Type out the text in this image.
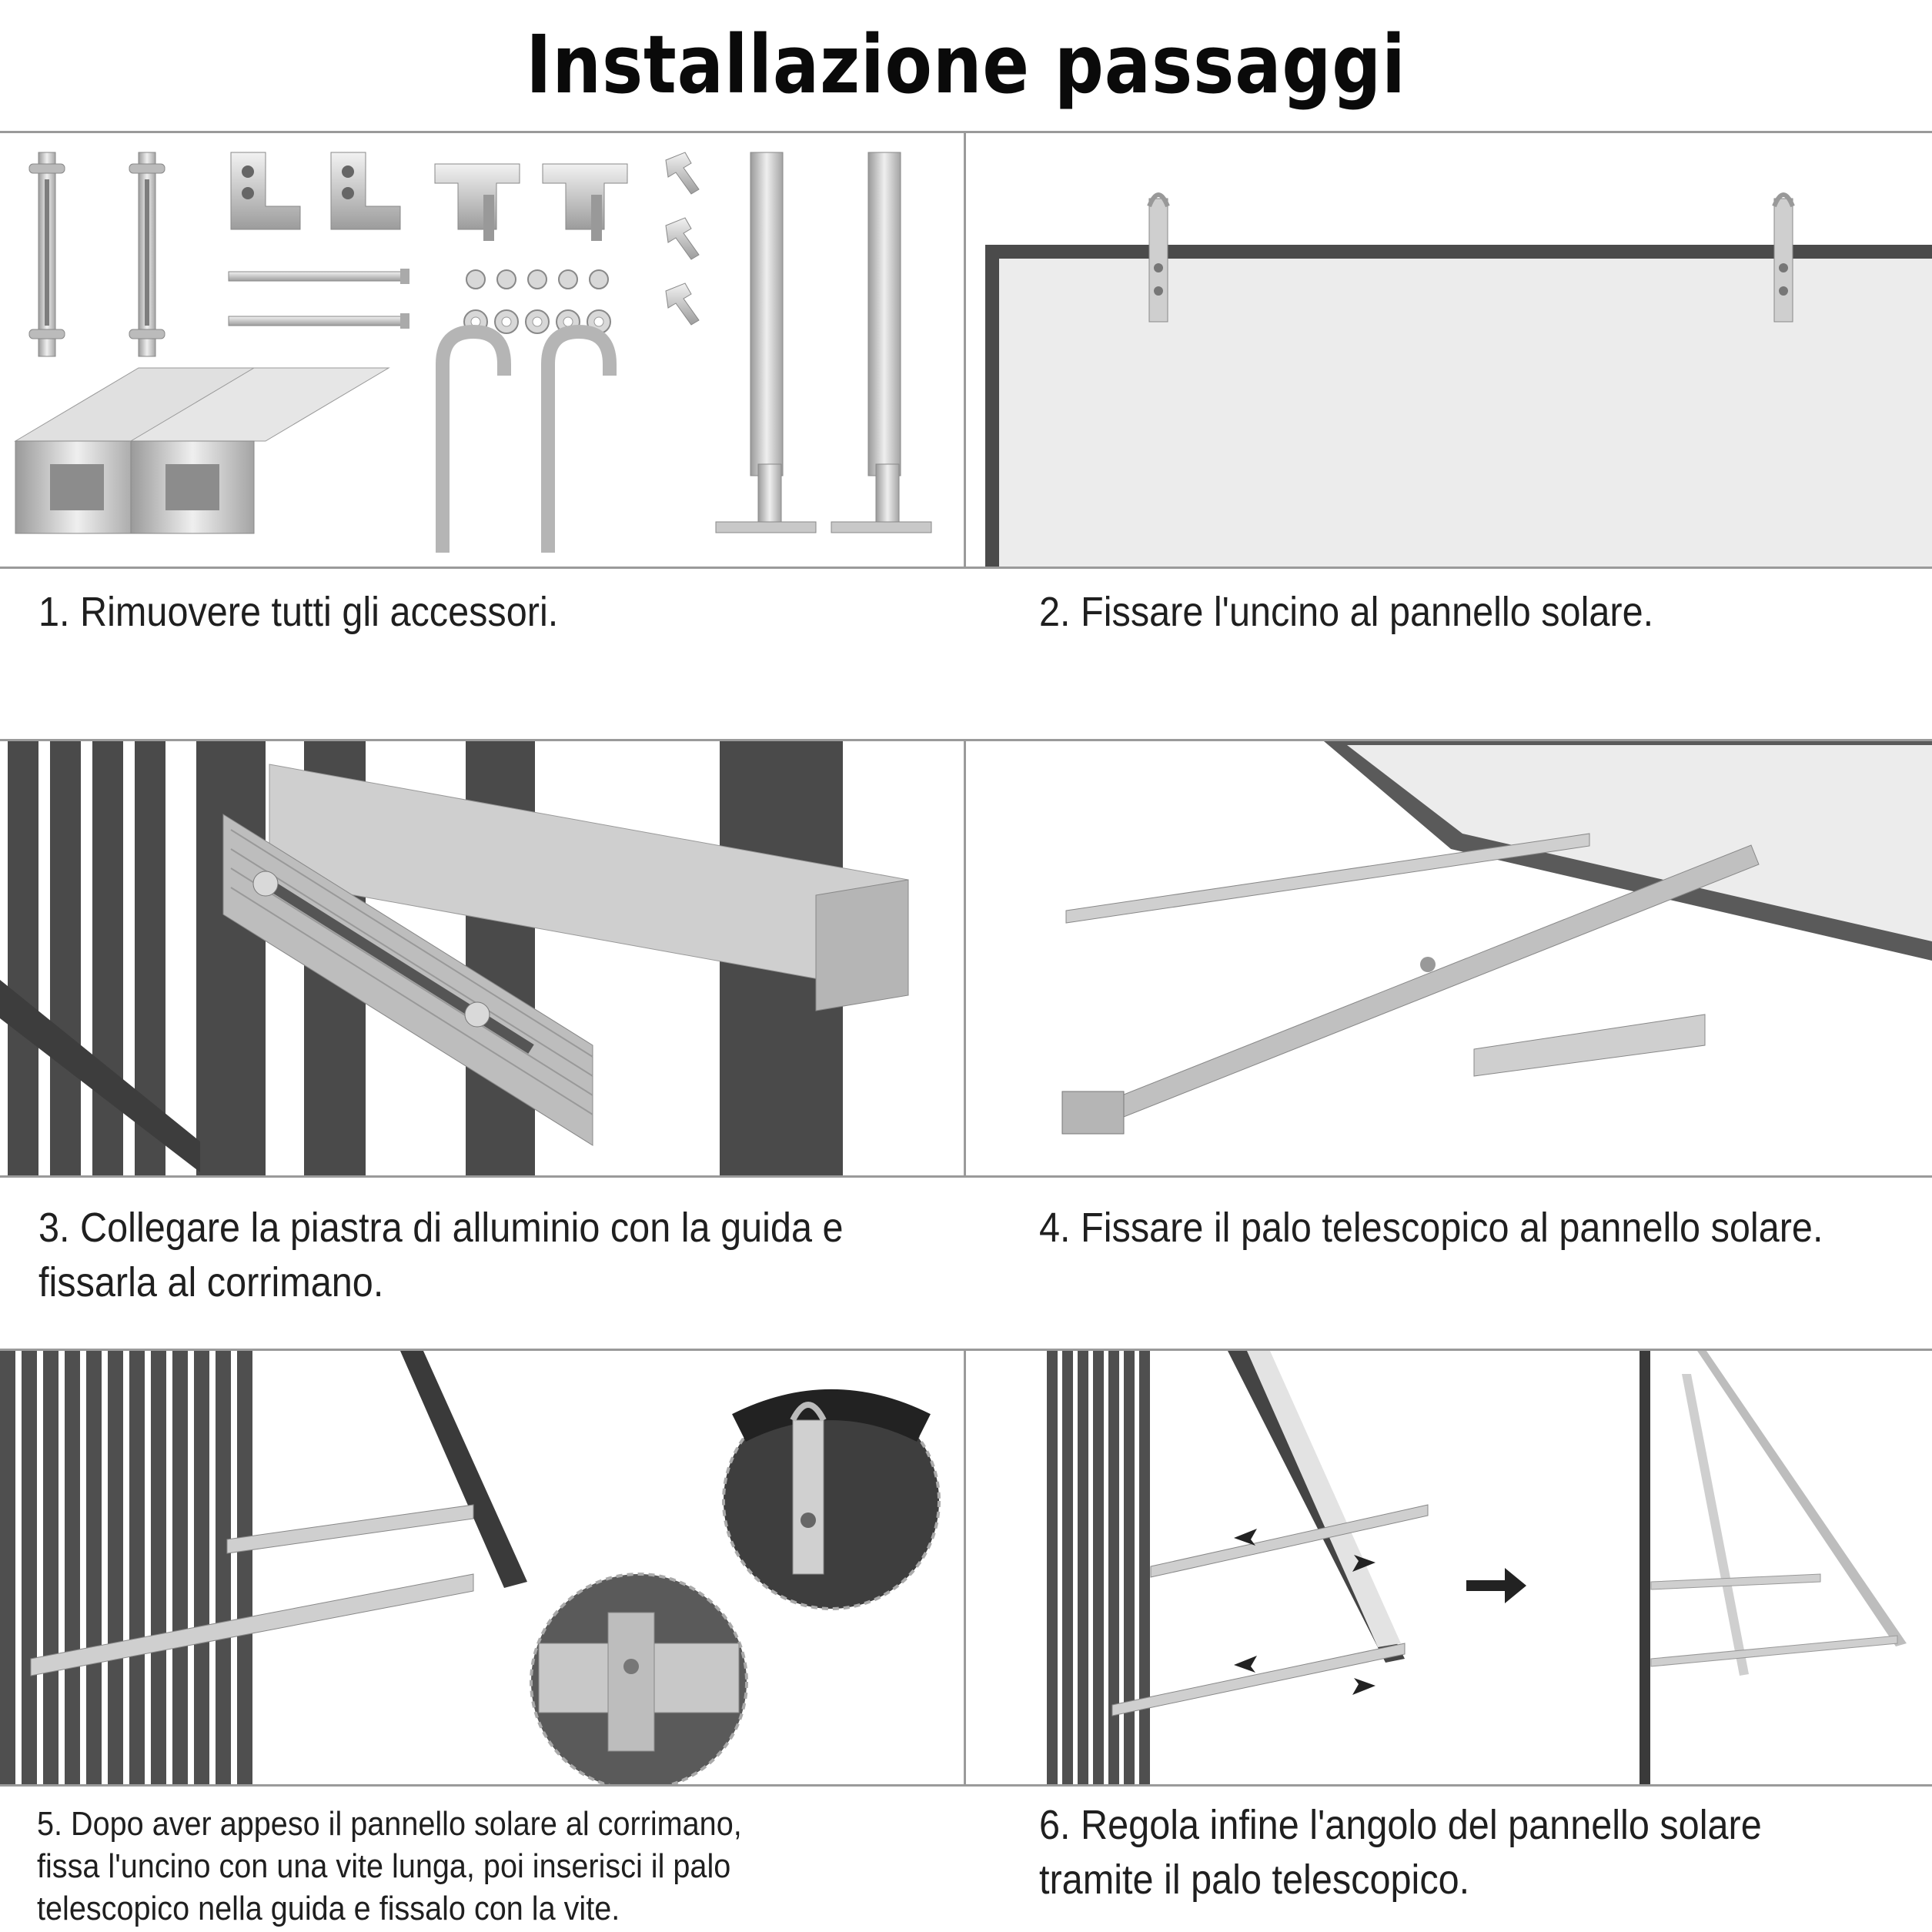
Installazione passaggi
1. Rimuovere tutti gli accessori.	2. Fissare l'uncino al pannello solare.
3. Collegare la piastra di alluminio con la guida e
fissarla al corrimano.
4. Fissare il palo telescopico al pannello solare.
5. Dopo aver appeso il pannello solare al corrimano,
fissa l'uncino con una vite lunga, poi inserisci il palo
telescopico nella guida e fissalo con la vite.
6. Regola infine l'angolo del pannello solare
tramite il palo telescopico.
